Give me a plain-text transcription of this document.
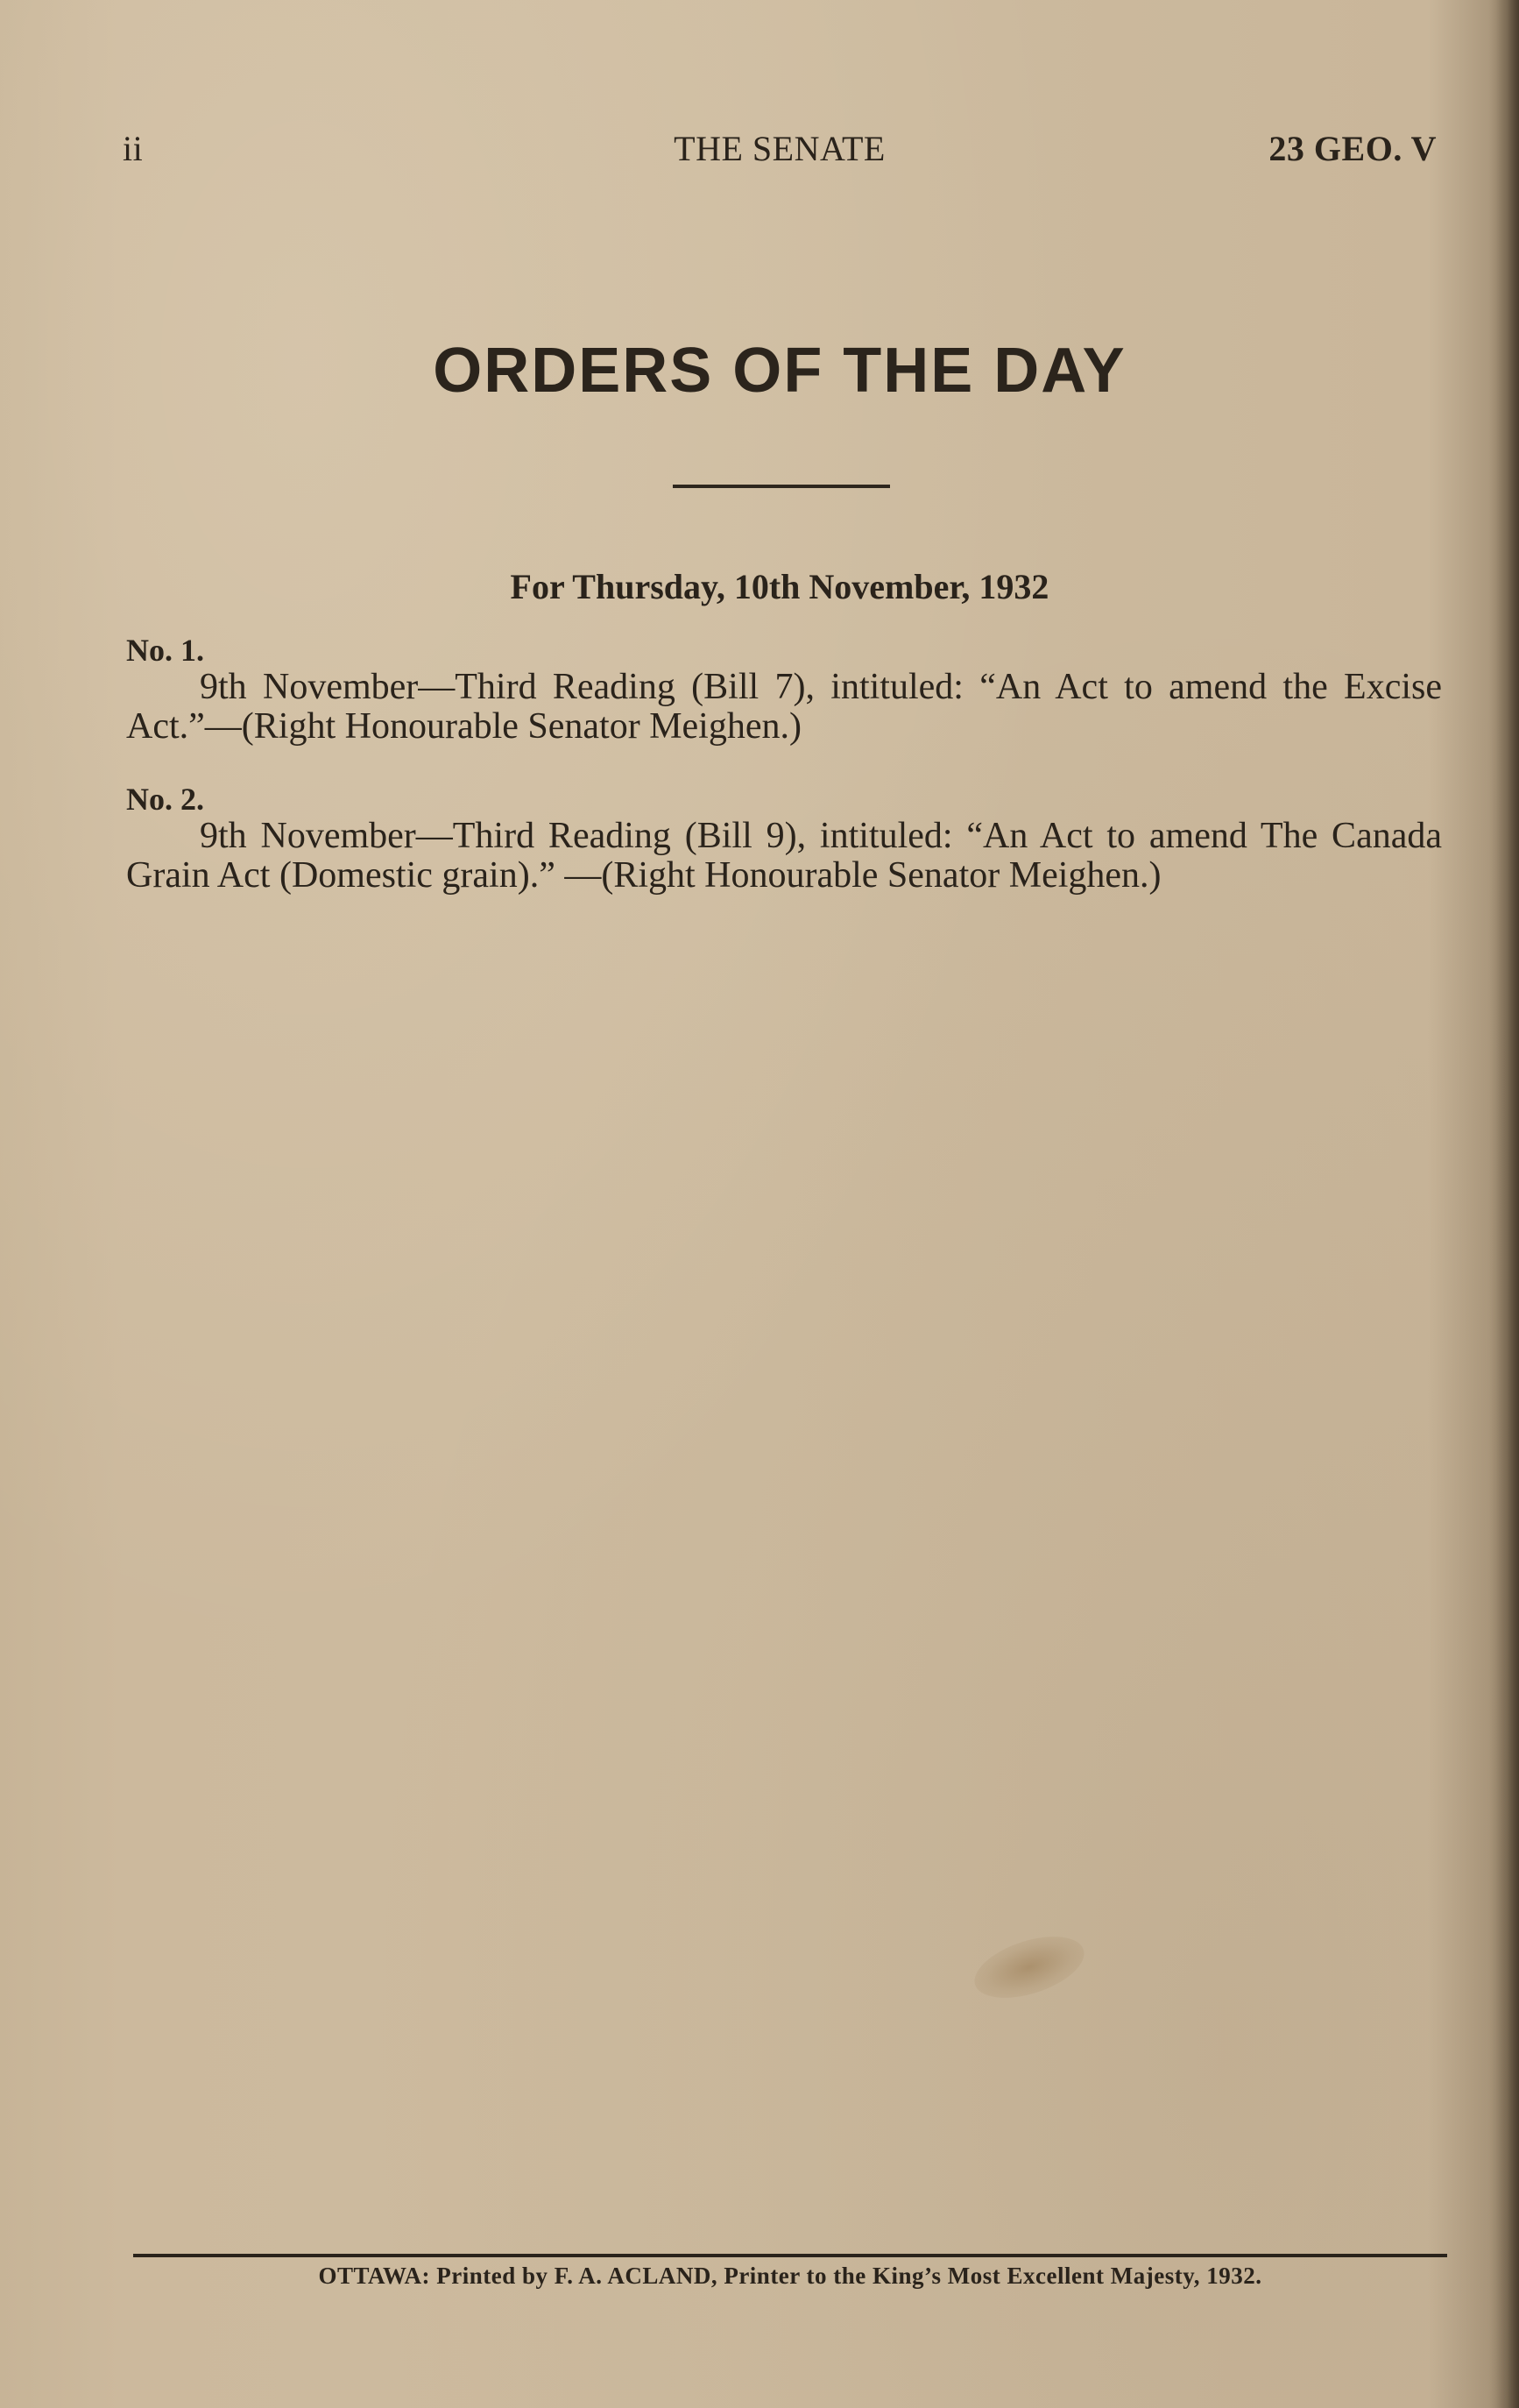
ii	THE SENATE	23 GEO. V
ORDERS OF THE DAY
For Thursday, 10th November, 1932
No. 1.

9th November—Third Reading (Bill 7), intituled: “An Act to amend the Excise Act.”—(Right Honourable Senator Meighen.)

No. 2.

9th November—Third Reading (Bill 9), intituled: “An Act to amend The Canada Grain Act (Domestic grain).” —(Right Honourable Senator Meighen.)

OTTAWA: Printed by F. A. ACLAND, Printer to the King’s Most Excellent Majesty, 1932.
